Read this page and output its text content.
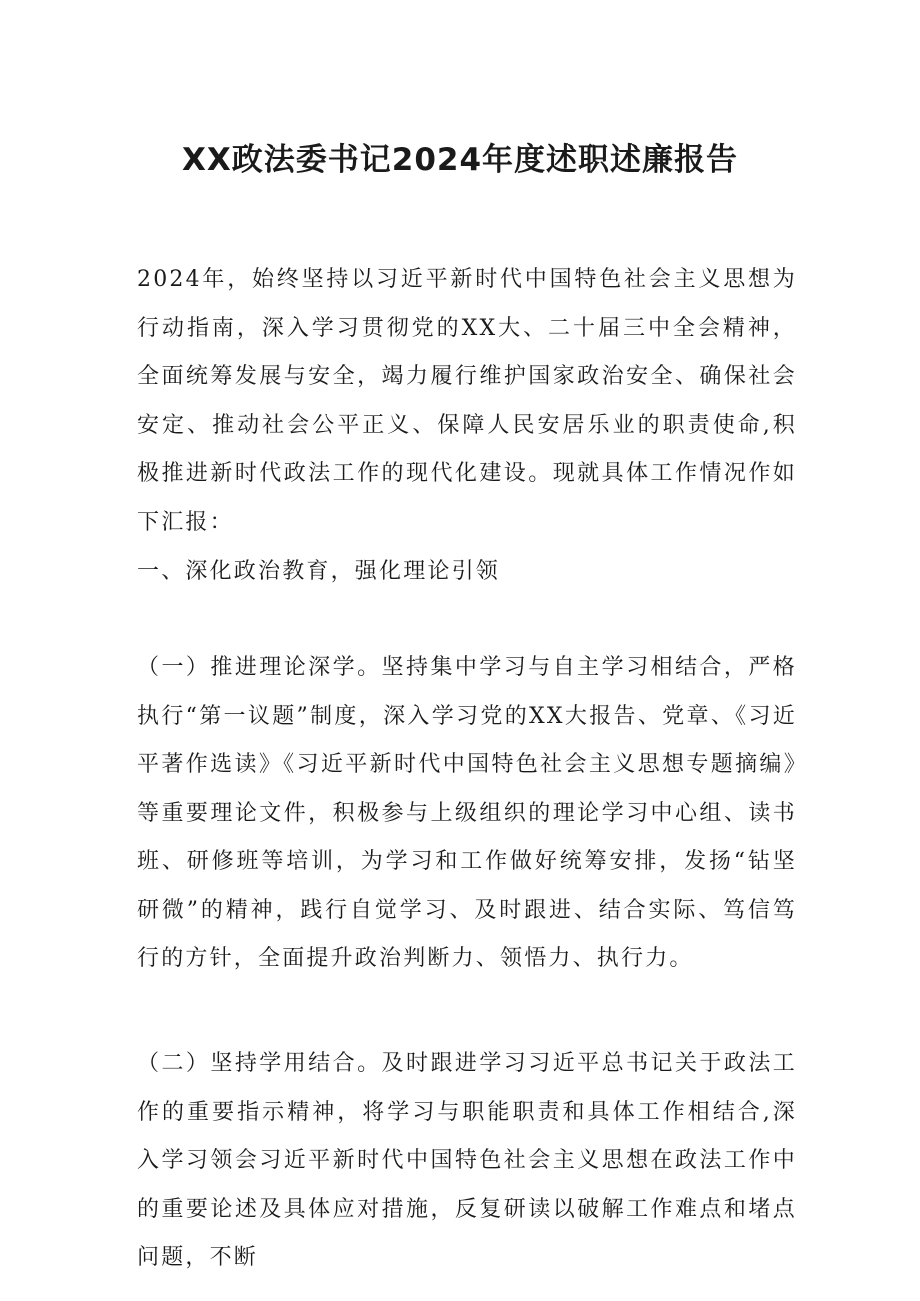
XX政法委书记2024年度述职述廉报告

2024年，始终坚持以习近平新时代中国特色社会主义思想为行动指南，深入学习贯彻党的XX大、二十届三中全会精神，全面统筹发展与安全，竭力履行维护国家政治安全、确保社会安定、推动社会公平正义、保障人民安居乐业的职责使命,积极推进新时代政法工作的现代化建设。现就具体工作情况作如下汇报：

一、深化政治教育，强化理论引领

（一）推进理论深学。坚持集中学习与自主学习相结合，严格执行“第一议题”制度，深入学习党的XX大报告、党章、《习近平著作选读》《习近平新时代中国特色社会主义思想专题摘编》等重要理论文件，积极参与上级组织的理论学习中心组、读书班、研修班等培训，为学习和工作做好统筹安排，发扬“钻坚研微”的精神，践行自觉学习、及时跟进、结合实际、笃信笃行的方针，全面提升政治判断力、领悟力、执行力。

（二）坚持学用结合。及时跟进学习习近平总书记关于政法工作的重要指示精神，将学习与职能职责和具体工作相结合,深入学习领会习近平新时代中国特色社会主义思想在政法工作中的重要论述及具体应对措施，反复研读以破解工作难点和堵点问题，不断
